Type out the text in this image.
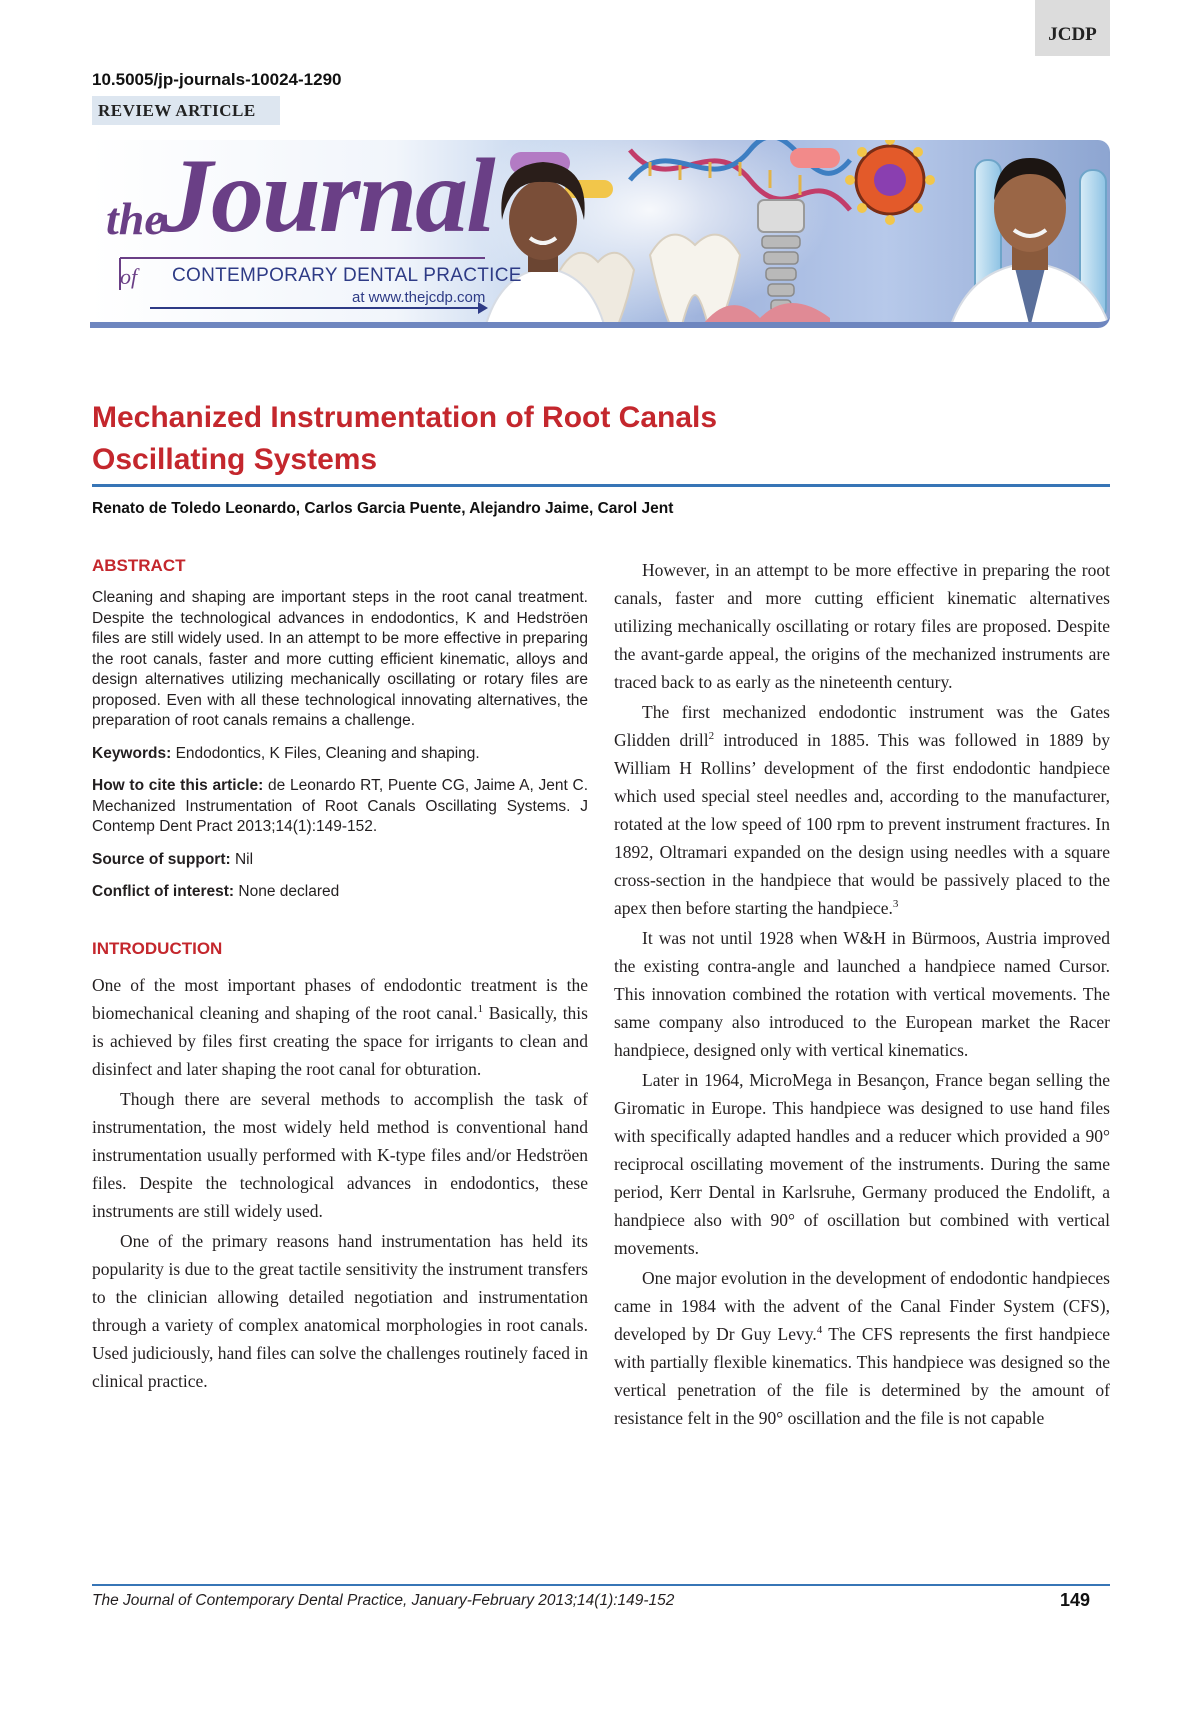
JCDP
10.5005/jp-journals-10024-1290
REVIEW ARTICLE
the
Journal
of CONTEMPORARY DENTAL PRACTICE
at www.thejcdp.com
Mechanized Instrumentation of Root Canals
Oscillating Systems
Renato de Toledo Leonardo, Carlos Garcia Puente, Alejandro Jaime, Carol Jent
ABSTRACT

Cleaning and shaping are important steps in the root canal treatment. Despite the technological advances in endodontics, K and Hedströen files are still widely used. In an attempt to be more effective in preparing the root canals, faster and more cutting efficient kinematic, alloys and design alternatives utilizing mechanically oscillating or rotary files are proposed. Even with all these technological innovating alternatives, the preparation of root canals remains a challenge.

Keywords: Endodontics, K Files, Cleaning and shaping.

How to cite this article: de Leonardo RT, Puente CG, Jaime A, Jent C. Mechanized Instrumentation of Root Canals Oscillating Systems. J Contemp Dent Pract 2013;14(1):149-152.

Source of support: Nil

Conflict of interest: None declared

INTRODUCTION

One of the most important phases of endodontic treatment is the biomechanical cleaning and shaping of the root canal.$^1$ Basically, this is achieved by files first creating the space for irrigants to clean and disinfect and later shaping the root canal for obturation.

Though there are several methods to accomplish the task of instrumentation, the most widely held method is conventional hand instrumentation usually performed with K-type files and/or Hedströen files. Despite the technological advances in endodontics, these instruments are still widely used.

One of the primary reasons hand instrumentation has held its popularity is due to the great tactile sensitivity the instrument transfers to the clinician allowing detailed negotiation and instrumentation through a variety of complex anatomical morphologies in root canals. Used judiciously, hand files can solve the challenges routinely faced in clinical practice.

However, in an attempt to be more effective in preparing the root canals, faster and more cutting efficient kinematic alternatives utilizing mechanically oscillating or rotary files are proposed. Despite the avant-garde appeal, the origins of the mechanized instruments are traced back to as early as the nineteenth century.

The first mechanized endodontic instrument was the Gates Glidden drill$^2$ introduced in 1885. This was followed in 1889 by William H Rollins’ development of the first endodontic handpiece which used special steel needles and, according to the manufacturer, rotated at the low speed of 100 rpm to prevent instrument fractures. In 1892, Oltramari expanded on the design using needles with a square cross-section in the handpiece that would be passively placed to the apex then before starting the handpiece.$^3$

It was not until 1928 when W&H in Bürmoos, Austria improved the existing contra-angle and launched a handpiece named Cursor. This innovation combined the rotation with vertical movements. The same company also introduced to the European market the Racer handpiece, designed only with vertical kinematics.

Later in 1964, MicroMega in Besançon, France began selling the Giromatic in Europe. This handpiece was designed to use hand files with specifically adapted handles and a reducer which provided a 90° reciprocal oscillating movement of the instruments. During the same period, Kerr Dental in Karlsruhe, Germany produced the Endolift, a handpiece also with 90° of oscillation but combined with vertical movements.

One major evolution in the development of endodontic handpieces came in 1984 with the advent of the Canal Finder System (CFS), developed by Dr Guy Levy.$^4$ The CFS represents the first handpiece with partially flexible kinematics. This handpiece was designed so the vertical penetration of the file is determined by the amount of resistance felt in the 90° oscillation and the file is not capable

The Journal of Contemporary Dental Practice, January-February 2013;14(1):149-152	149
